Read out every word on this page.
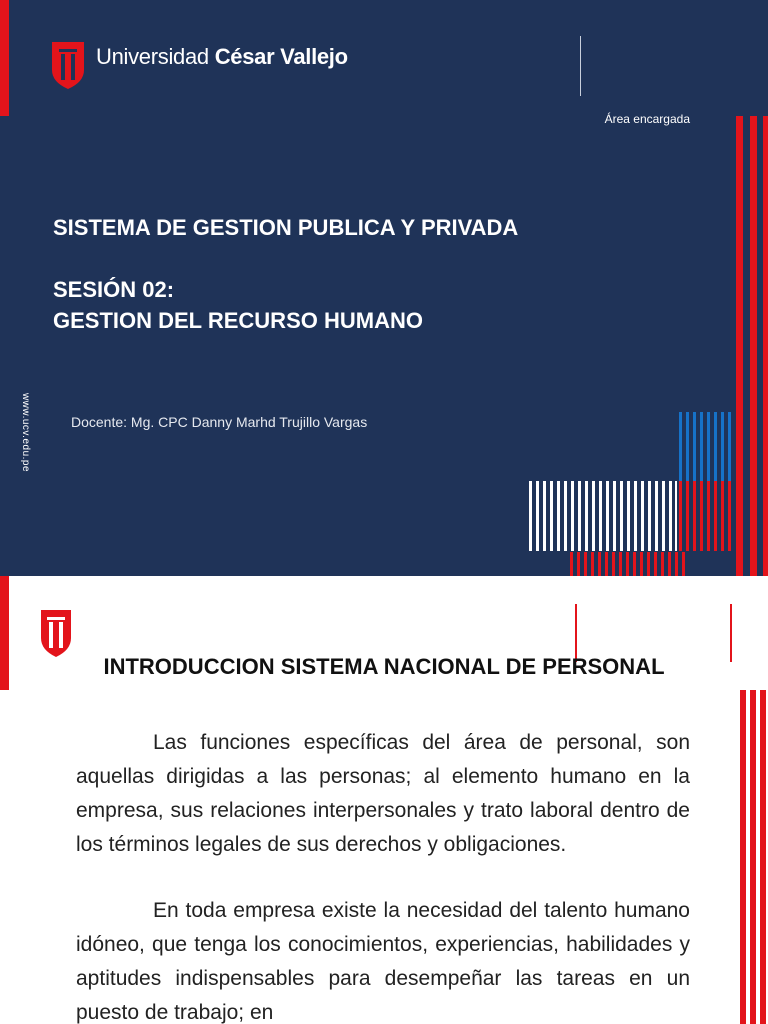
Universidad César Vallejo
Área encargada
SISTEMA DE GESTION PUBLICA Y PRIVADA
SESIÓN 02:
GESTION DEL RECURSO HUMANO
Docente: Mg. CPC Danny Marhd Trujillo Vargas
www.ucv.edu.pe
INTRODUCCION SISTEMA NACIONAL DE PERSONAL
Las funciones específicas del área de personal, son aquellas dirigidas a las personas; al elemento humano en la empresa, sus relaciones interpersonales y trato laboral dentro de los términos legales de sus derechos y obligaciones.
En toda empresa existe la necesidad del talento humano idóneo, que tenga los conocimientos, experiencias, habilidades y aptitudes indispensables para desempeñar las tareas en un puesto de trabajo; en
